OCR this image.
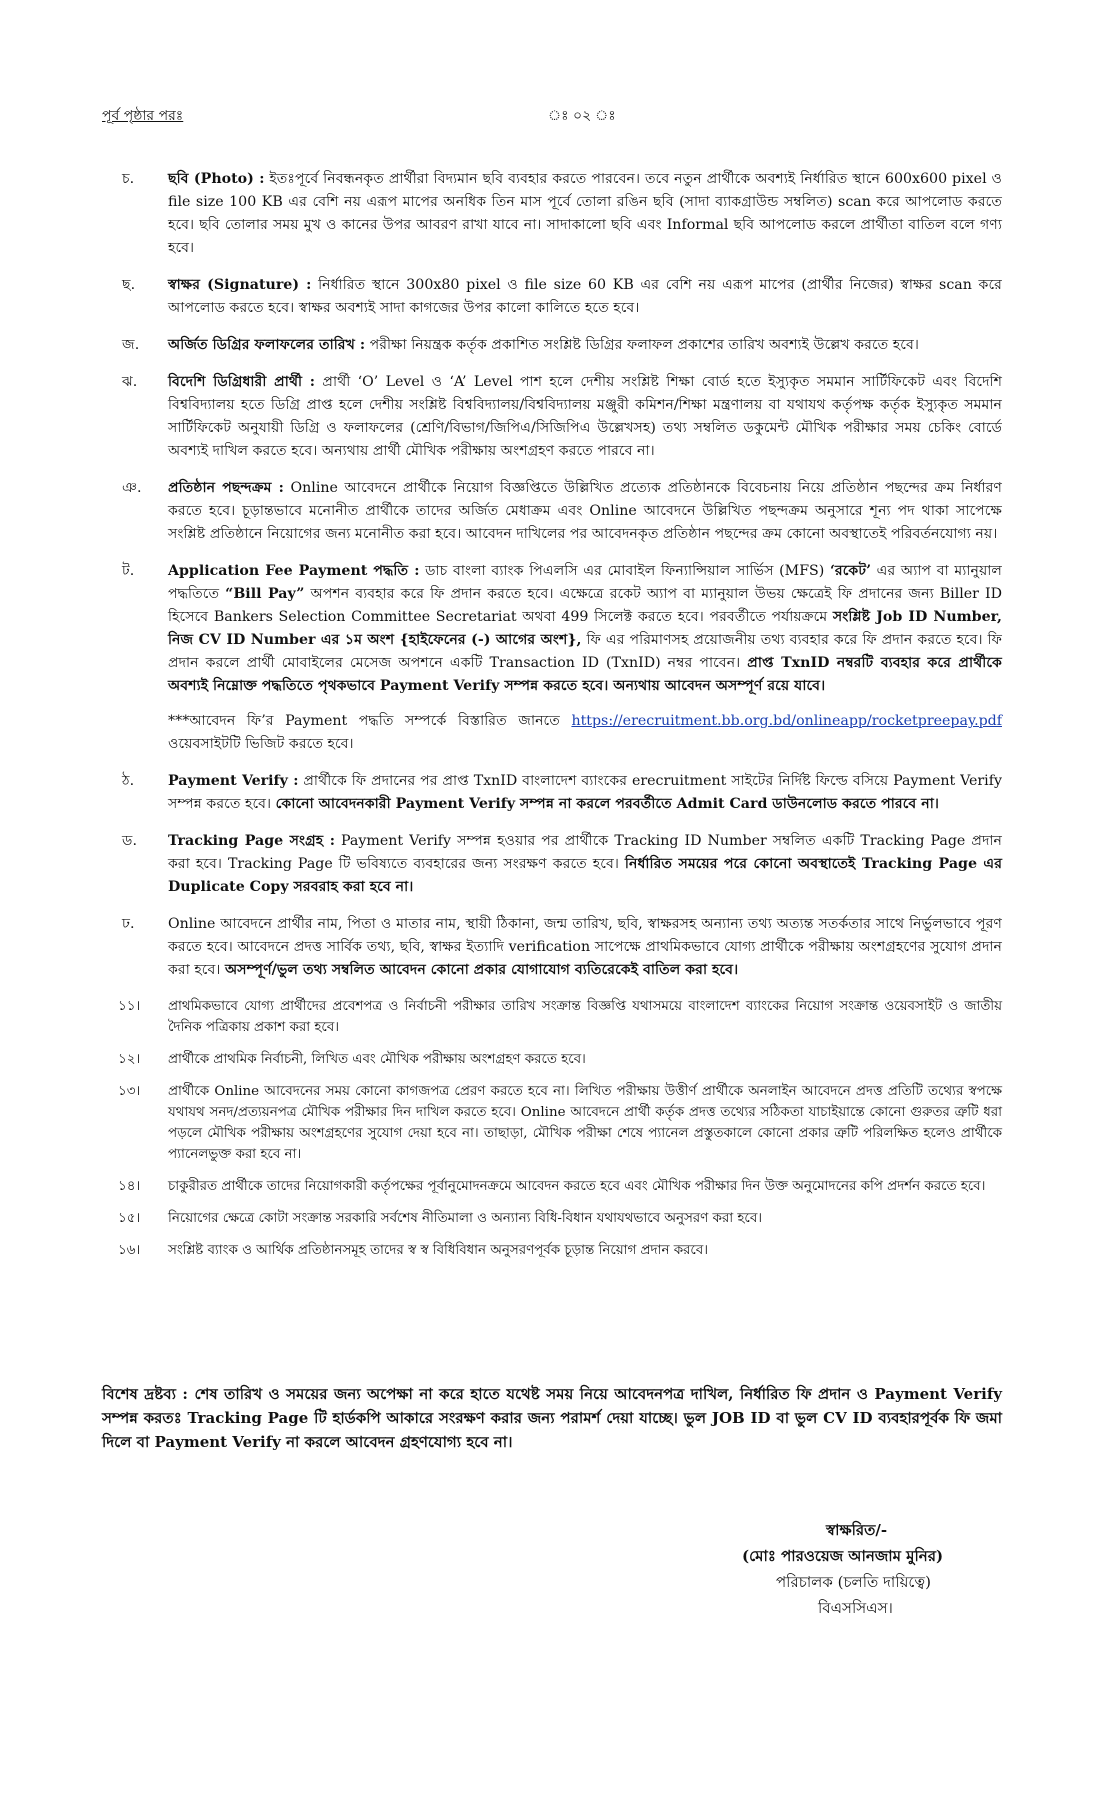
পূর্ব পৃষ্ঠার পরঃ	ঃ ০২ ঃ
চ.	ছবি (Photo) : ইতঃপূর্বে নিবন্ধনকৃত প্রার্থীরা বিদ্যমান ছবি ব্যবহার করতে পারবেন। তবে নতুন প্রার্থীকে অবশ্যই নির্ধারিত স্থানে 600x600 pixel ও file size 100 KB এর বেশি নয় এরূপ মাপের অনধিক তিন মাস পূর্বে তোলা রঙিন ছবি (সাদা ব্যাকগ্রাউন্ড সম্বলিত) scan করে আপলোড করতে হবে। ছবি তোলার সময় মুখ ও কানের উপর আবরণ রাখা যাবে না। সাদাকালো ছবি এবং Informal ছবি আপলোড করলে প্রার্থীতা বাতিল বলে গণ্য হবে।
ছ.	স্বাক্ষর (Signature) : নির্ধারিত স্থানে 300x80 pixel ও file size 60 KB এর বেশি নয় এরূপ মাপের (প্রার্থীর নিজের) স্বাক্ষর scan করে আপলোড করতে হবে। স্বাক্ষর অবশ্যই সাদা কাগজের উপর কালো কালিতে হতে হবে।
জ.	অর্জিত ডিগ্রির ফলাফলের তারিখ : পরীক্ষা নিয়ন্ত্রক কর্তৃক প্রকাশিত সংশ্লিষ্ট ডিগ্রির ফলাফল প্রকাশের তারিখ অবশ্যই উল্লেখ করতে হবে।
ঝ.	বিদেশি ডিগ্রিধারী প্রার্থী : প্রার্থী ‘O’ Level ও ‘A’ Level পাশ হলে দেশীয় সংশ্লিষ্ট শিক্ষা বোর্ড হতে ইস্যুকৃত সমমান সার্টিফিকেট এবং বিদেশি বিশ্ববিদ্যালয় হতে ডিগ্রি প্রাপ্ত হলে দেশীয় সংশ্লিষ্ট বিশ্ববিদ্যালয়/বিশ্ববিদ্যালয় মঞ্জুরী কমিশন/শিক্ষা মন্ত্রণালয় বা যথাযথ কর্তৃপক্ষ কর্তৃক ইস্যুকৃত সমমান সার্টিফিকেট অনুযায়ী ডিগ্রি ও ফলাফলের (শ্রেণি/বিভাগ/জিপিএ/সিজিপিএ উল্লেখসহ) তথ্য সম্বলিত ডকুমেন্ট মৌখিক পরীক্ষার সময় চেকিং বোর্ডে অবশ্যই দাখিল করতে হবে। অন্যথায় প্রার্থী মৌখিক পরীক্ষায় অংশগ্রহণ করতে পারবে না।
ঞ.	প্রতিষ্ঠান পছন্দক্রম : Online আবেদনে প্রার্থীকে নিয়োগ বিজ্ঞপ্তিতে উল্লিখিত প্রত্যেক প্রতিষ্ঠানকে বিবেচনায় নিয়ে প্রতিষ্ঠান পছন্দের ক্রম নির্ধারণ করতে হবে। চূড়ান্তভাবে মনোনীত প্রার্থীকে তাদের অর্জিত মেধাক্রম এবং Online আবেদনে উল্লিখিত পছন্দক্রম অনুসারে শূন্য পদ থাকা সাপেক্ষে সংশ্লিষ্ট প্রতিষ্ঠানে নিয়োগের জন্য মনোনীত করা হবে। আবেদন দাখিলের পর আবেদনকৃত প্রতিষ্ঠান পছন্দের ক্রম কোনো অবস্থাতেই পরিবর্তনযোগ্য নয়।
ট.	Application Fee Payment পদ্ধতি : ডাচ বাংলা ব্যাংক পিএলসি এর মোবাইল ফিন্যান্সিয়াল সার্ভিস (MFS) ‘রকেট’ এর অ্যাপ বা ম্যানুয়াল পদ্ধতিতে “Bill Pay” অপশন ব্যবহার করে ফি প্রদান করতে হবে। এক্ষেত্রে রকেট অ্যাপ বা ম্যানুয়াল উভয় ক্ষেত্রেই ফি প্রদানের জন্য Biller ID হিসেবে Bankers Selection Committee Secretariat অথবা 499 সিলেক্ট করতে হবে। পরবর্তীতে পর্যায়ক্রমে সংশ্লিষ্ট Job ID Number, নিজ CV ID Number এর ১ম অংশ {হাইফেনের (-) আগের অংশ}, ফি এর পরিমাণসহ প্রয়োজনীয় তথ্য ব্যবহার করে ফি প্রদান করতে হবে। ফি প্রদান করলে প্রার্থী মোবাইলের মেসেজ অপশনে একটি Transaction ID (TxnID) নম্বর পাবেন। প্রাপ্ত TxnID নম্বরটি ব্যবহার করে প্রার্থীকে অবশ্যই নিম্নোক্ত পদ্ধতিতে পৃথকভাবে Payment Verify সম্পন্ন করতে হবে। অন্যথায় আবেদন অসম্পূর্ণ রয়ে যাবে।
***আবেদন ফি’র Payment পদ্ধতি সম্পর্কে বিস্তারিত জানতে https://erecruitment.bb.org.bd/onlineapp/rocketpreepay.pdf ওয়েবসাইটটি ভিজিট করতে হবে।
ঠ.	Payment Verify : প্রার্থীকে ফি প্রদানের পর প্রাপ্ত TxnID বাংলাদেশ ব্যাংকের erecruitment সাইটের নির্দিষ্ট ফিল্ডে বসিয়ে Payment Verify সম্পন্ন করতে হবে। কোনো আবেদনকারী Payment Verify সম্পন্ন না করলে পরবর্তীতে Admit Card ডাউনলোড করতে পারবে না।
ড.	Tracking Page সংগ্রহ : Payment Verify সম্পন্ন হওয়ার পর প্রার্থীকে Tracking ID Number সম্বলিত একটি Tracking Page প্রদান করা হবে। Tracking Page টি ভবিষ্যতে ব্যবহারের জন্য সংরক্ষণ করতে হবে। নির্ধারিত সময়ের পরে কোনো অবস্থাতেই Tracking Page এর Duplicate Copy সরবরাহ করা হবে না।
ঢ.	Online আবেদনে প্রার্থীর নাম, পিতা ও মাতার নাম, স্থায়ী ঠিকানা, জন্ম তারিখ, ছবি, স্বাক্ষরসহ অন্যান্য তথ্য অত্যন্ত সতর্কতার সাথে নির্ভুলভাবে পূরণ করতে হবে। আবেদনে প্রদত্ত সার্বিক তথ্য, ছবি, স্বাক্ষর ইত্যাদি verification সাপেক্ষে প্রাথমিকভাবে যোগ্য প্রার্থীকে পরীক্ষায় অংশগ্রহণের সুযোগ প্রদান করা হবে। অসম্পূর্ণ/ভুল তথ্য সম্বলিত আবেদন কোনো প্রকার যোগাযোগ ব্যতিরেকেই বাতিল করা হবে।
১১।	প্রাথমিকভাবে যোগ্য প্রার্থীদের প্রবেশপত্র ও নির্বাচনী পরীক্ষার তারিখ সংক্রান্ত বিজ্ঞপ্তি যথাসময়ে বাংলাদেশ ব্যাংকের নিয়োগ সংক্রান্ত ওয়েবসাইট ও জাতীয় দৈনিক পত্রিকায় প্রকাশ করা হবে।
১২।	প্রার্থীকে প্রাথমিক নির্বাচনী, লিখিত এবং মৌখিক পরীক্ষায় অংশগ্রহণ করতে হবে।
১৩।	প্রার্থীকে Online আবেদনের সময় কোনো কাগজপত্র প্রেরণ করতে হবে না। লিখিত পরীক্ষায় উত্তীর্ণ প্রার্থীকে অনলাইন আবেদনে প্রদত্ত প্রতিটি তথ্যের স্বপক্ষে যথাযথ সনদ/প্রত্যয়নপত্র মৌখিক পরীক্ষার দিন দাখিল করতে হবে। Online আবেদনে প্রার্থী কর্তৃক প্রদত্ত তথ্যের সঠিকতা যাচাইয়ান্তে কোনো গুরুতর ত্রুটি ধরা পড়লে মৌখিক পরীক্ষায় অংশগ্রহণের সুযোগ দেয়া হবে না। তাছাড়া, মৌখিক পরীক্ষা শেষে প্যানেল প্রস্তুতকালে কোনো প্রকার ত্রুটি পরিলক্ষিত হলেও প্রার্থীকে প্যানেলভুক্ত করা হবে না।
১৪।	চাকুরীরত প্রার্থীকে তাদের নিয়োগকারী কর্তৃপক্ষের পূর্বানুমোদনক্রমে আবেদন করতে হবে এবং মৌখিক পরীক্ষার দিন উক্ত অনুমোদনের কপি প্রদর্শন করতে হবে।
১৫।	নিয়োগের ক্ষেত্রে কোটা সংক্রান্ত সরকারি সর্বশেষ নীতিমালা ও অন্যান্য বিধি-বিধান যথাযথভাবে অনুসরণ করা হবে।
১৬।	সংশ্লিষ্ট ব্যাংক ও আর্থিক প্রতিষ্ঠানসমূহ তাদের স্ব স্ব বিধিবিধান অনুসরণপূর্বক চূড়ান্ত নিয়োগ প্রদান করবে।
বিশেষ দ্রষ্টব্য : শেষ তারিখ ও সময়ের জন্য অপেক্ষা না করে হাতে যথেষ্ট সময় নিয়ে আবেদনপত্র দাখিল, নির্ধারিত ফি প্রদান ও Payment Verify সম্পন্ন করতঃ Tracking Page টি হার্ডকপি আকারে সংরক্ষণ করার জন্য পরামর্শ দেয়া যাচ্ছে। ভুল JOB ID বা ভুল CV ID ব্যবহারপূর্বক ফি জমা দিলে বা Payment Verify না করলে আবেদন গ্রহণযোগ্য হবে না।
স্বাক্ষরিত/-
(মোঃ পারওয়েজ আনজাম মুনির)
পরিচালক (চলতি দায়িত্বে)
বিএসসিএস।
